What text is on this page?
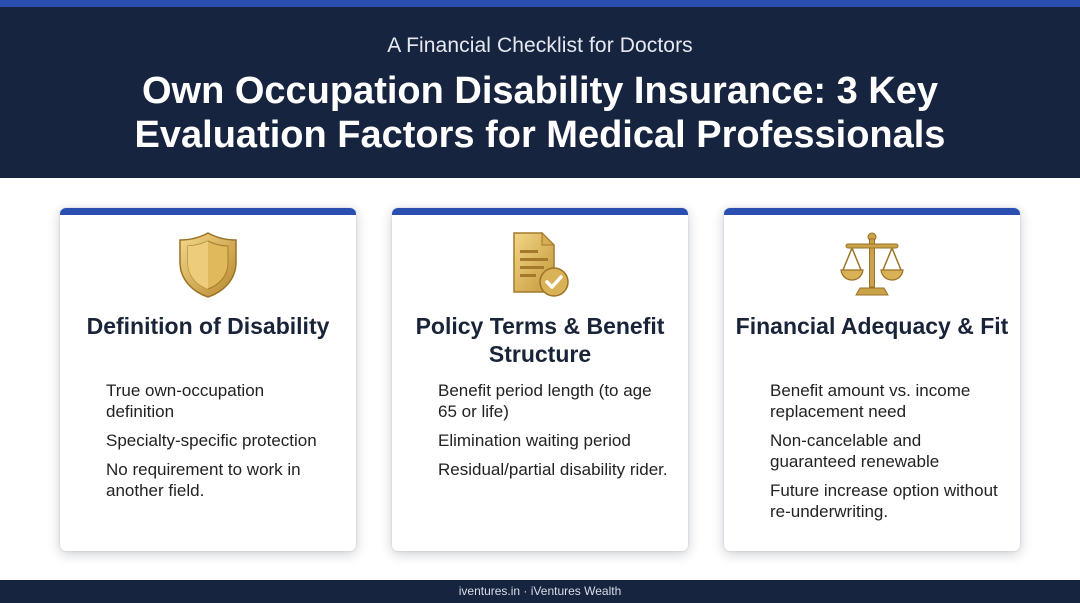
A Financial Checklist for Doctors
Own Occupation Disability Insurance: 3 Key Evaluation Factors for Medical Professionals
Definition of Disability
True own-occupation definition
Specialty-specific protection
No requirement to work in another field.
Policy Terms & Benefit Structure
Benefit period length (to age 65 or life)
Elimination waiting period
Residual/partial disability rider.
Financial Adequacy & Fit
Benefit amount vs. income replacement need
Non-cancelable and guaranteed renewable
Future increase option without re-underwriting.
iventures.in · iVentures Wealth
